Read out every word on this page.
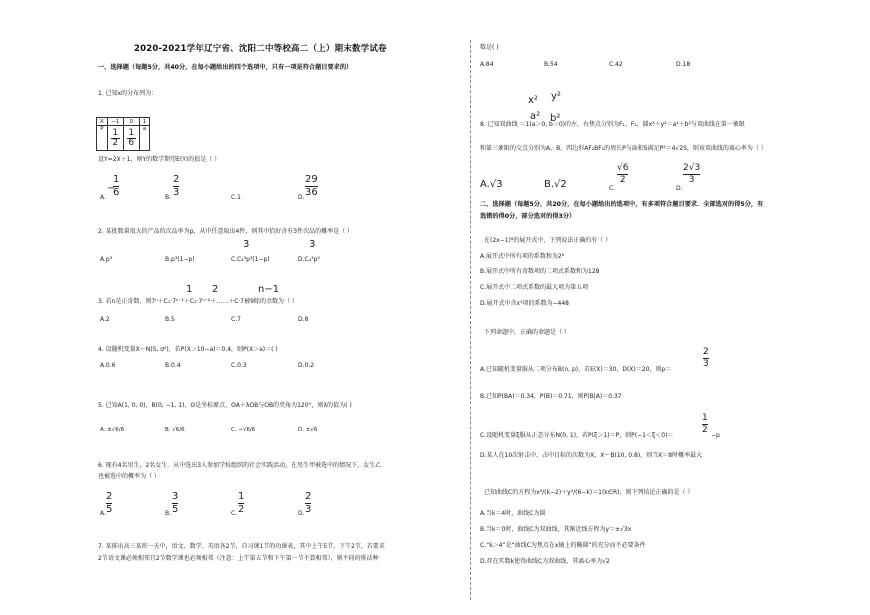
2020-2021学年辽宁省、沈阳二中等校高二（上）期末数学试卷
一、选择题（每题5分，共40分，在每小题给出的四个选项中，只有一项是符合题目要求的）
1. 已知x的分布列为：
X	−1	0	1
P	$\frac{1}{2}$	$\frac{1}{6}$	a
设Y=2X＋1，则Y的数学期望E(Y)的值是（ ）
A.
−
1
6	B.
2
3	C.1	D.
29
36
2. 某批数量很大的产品的次品率为p，从中任意取出4件，则其中恰好含有3件次品的概率是（ ）
3	3
A.p³	B.p³(1−p)	C.C₄³p³(1−p)	D.C₄³p³
1 2	n−1
3. 若n是正奇数，则7ⁿ＋C₁·7ⁿ⁻¹＋C₂·7ⁿ⁻²＋……＋C·7被9除的余数为（ ）
A.2	B.5	C.7	D.8
4. 设随机变量X～N(5, σ²)，若P(X＞10−a)＝0.4，则P(X＞a)＝( )
A.0.6	B.0.4	C.0.3	D.0.2
5. 已知A(1, 0, 0)，B(0, −1, 1)，O是坐标原点，OA＋λOB与OB的夹角为120°，则λ的值为( )
A. ±√6/6	B. √6/6	C. −√6/6	D. ±√6
6. 现有4名男生，2名女生．从中选出3人参加学校组织的社会实践活动，在男生甲被选中的情况下，女生乙
也被选中的概率为（ ）
A.
2
5	B.
3
5	C.
1
2	D.
2
3
7. 某排出高三某班一天中，语文、数学、英语各2节，自习课1节的功课表，其中上午5节，下午2节，若要求
2节语文课必须相邻且2节数学课也必须相邻（注意：上午第五节和下午第一节不算相邻），则不同的排法种
数是( )
A.84	B.54	C.42	D.18
x² y²
a² b²
8. 已知双曲线 ＝1(a＞0, b＞0)的左、右焦点分别为F₁、F₂，圆x²＋y²＝a²＋b²与双曲线在第一象限
和第三象限的交点分别为A，B，四边形AF₂BF₁的周长P与面积S满足P²＝4√2S，则该双曲线的离心率为（ ）
A.√3	B.√2	C.
√6
2
D.
2√3
3
二、选择题（每题5分，共20分，在每小题给出的选项中，有多项符合题目要求．全部选对的得5分，有
选错的得0分，部分选对的得3分）
在(2x−1)⁸的展开式中，下列说法正确的有（ ）
A.展开式中所有项的系数和为2⁸
B.展开式中所有奇数项的二项式系数和为128
C.展开式中二项式系数的最大项为第五项
D.展开式中含x³项的系数为−448
下列命题中，正确的命题是（ ）
A.已知随机变量服从二项分布B(n, p)，若E(X)＝30，D(X)＝20，则p＝
2
3
B.已知P(BA)＝0.34，P(B)＝0.71，则P(B|A)＝0.37
C.设随机变量ξ服从正态分布N(0, 1)，若P(ξ＞1)＝P，则P(−1＜ξ＜0)＝
1
2
−p
D.某人在10次射击中，击中目标的次数为X，X～B(10, 0.8)，则当X＝8时概率最大
已知曲线C的方程为x²/(k−2)＋y²/(6−k)＝1(k∈R)，则下列结论正确的是（ ）
A.当k＝4时，曲线C为圆
B.当k＝0时，曲线C为双曲线，其渐近线方程为y＝±√3x
C.“k＞4”是“曲线C为焦点在x轴上的椭圆”的充分而不必要条件
D.存在实数k使得曲线C为双曲线，其离心率为√2
